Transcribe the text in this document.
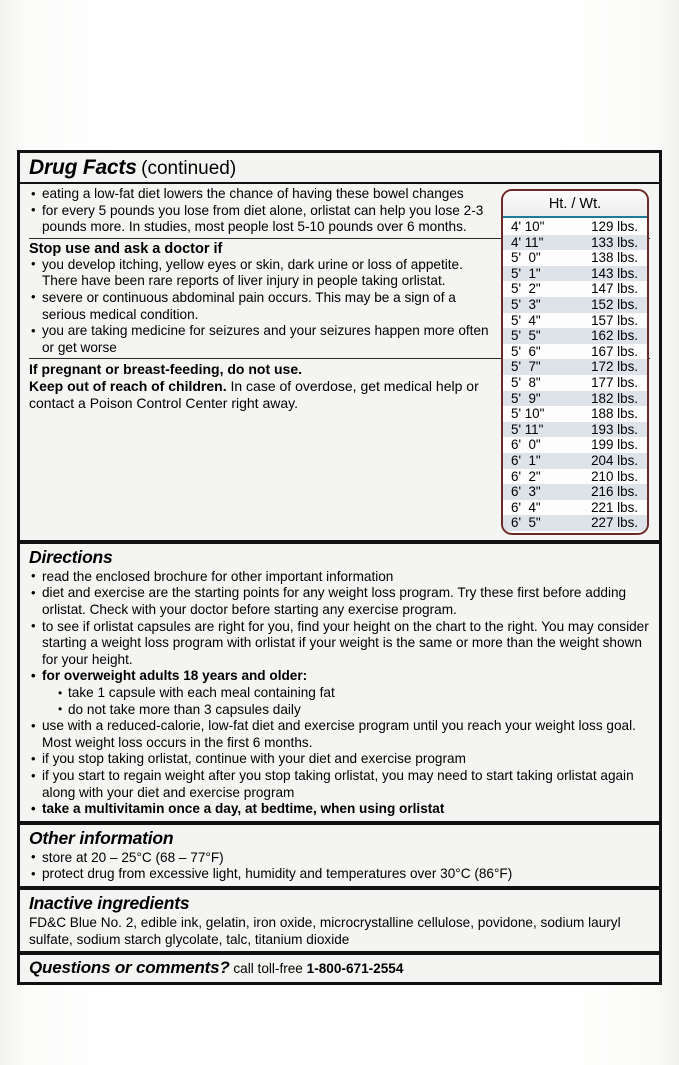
Drug Facts (continued)
Ht. / Wt.
4' 10"	129 lbs.
4' 11"	133 lbs.
5'  0"	138 lbs.
5'  1"	143 lbs.
5'  2"	147 lbs.
5'  3"	152 lbs.
5'  4"	157 lbs.
5'  5"	162 lbs.
5'  6"	167 lbs.
5'  7"	172 lbs.
5'  8"	177 lbs.
5'  9"	182 lbs.
5' 10"	188 lbs.
5' 11"	193 lbs.
6'  0"	199 lbs.
6'  1"	204 lbs.
6'  2"	210 lbs.
6'  3"	216 lbs.
6'  4"	221 lbs.
6'  5"	227 lbs.
• eating a low-fat diet lowers the chance of having these bowel changes
• for every 5 pounds you lose from diet alone, orlistat can help you lose 2-3 pounds more. In studies, most people lost 5-10 pounds over 6 months.
Stop use and ask a doctor if
• you develop itching, yellow eyes or skin, dark urine or loss of appetite. There have been rare reports of liver injury in people taking orlistat.
• severe or continuous abdominal pain occurs. This may be a sign of a serious medical condition.
• you are taking medicine for seizures and your seizures happen more often or get worse
If pregnant or breast-feeding, do not use.
Keep out of reach of children. In case of overdose, get medical help or contact a Poison Control Center right away.
Directions
• read the enclosed brochure for other important information
• diet and exercise are the starting points for any weight loss program. Try these first before adding orlistat. Check with your doctor before starting any exercise program.
• to see if orlistat capsules are right for you, find your height on the chart to the right. You may consider starting a weight loss program with orlistat if your weight is the same or more than the weight shown for your height.
• for overweight adults 18 years and older:
• take 1 capsule with each meal containing fat
• do not take more than 3 capsules daily
• use with a reduced-calorie, low-fat diet and exercise program until you reach your weight loss goal. Most weight loss occurs in the first 6 months.
• if you stop taking orlistat, continue with your diet and exercise program
• if you start to regain weight after you stop taking orlistat, you may need to start taking orlistat again along with your diet and exercise program
• take a multivitamin once a day, at bedtime, when using orlistat
Other information
• store at 20 – 25°C (68 – 77°F)
• protect drug from excessive light, humidity and temperatures over 30°C (86°F)
Inactive ingredients
FD&C Blue No. 2, edible ink, gelatin, iron oxide, microcrystalline cellulose, povidone, sodium lauryl sulfate, sodium starch glycolate, talc, titanium dioxide
Questions or comments? call toll-free 1-800-671-2554
